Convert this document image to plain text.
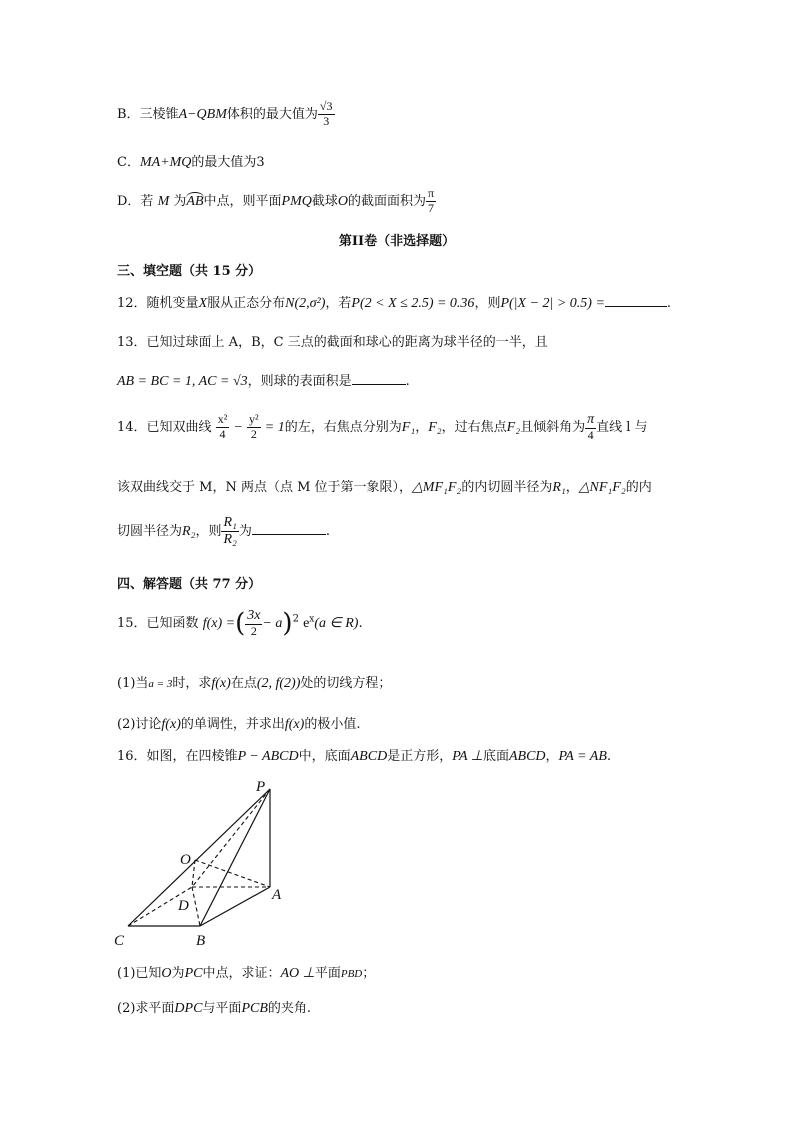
B．三棱锥A−QBM体积的最大值为 $\frac{√3}{3}$
C．MA+MQ的最大值为3
D．若 M 为AB中点，则平面PMQ截球O的截面面积为 $\frac{\pi}{7}$
第II卷（非选择题）
三、填空题（共 15 分）
12．随机变量X服从正态分布N(2,σ²)，若P(2 < X ≤ 2.5) = 0.36，则P(|X − 2| > 0.5) =	.
13．已知过球面上 A，B，C 三点的截面和球心的距离为球半径的一半，且
AB = BC = 1, AC = √3，则球的表面积是	.
14．已知双曲线 $\frac{\text{x²}}{4} - \frac{\text{y²}}{2} = 1$的左，右焦点分别为F₁，F₂，过右焦点F₂且倾斜角为 $\frac{\pi}{4}$ 直线 l 与
该双曲线交于 M，N 两点（点 M 位于第一象限），△MF₁F₂的内切圆半径为R₁，△NF₁F₂的内
切圆半径为R₂，则 $\frac{\text{R₁}}{\text{R₂}}$ 为	.
四、解答题（共 77 分）
15．已知函数 f(x) =( $\frac{3x}{2} - a)^2$ $e^x(a$ ∈ R).
(1)当a = 3时，求f(x)在点(2, f(2))处的切线方程；
(2)讨论f(x)的单调性，并求出f(x)的极小值.
16．如图，在四棱锥P − ABCD中，底面ABCD是正方形，PA ⊥底面ABCD，PA = AB.
P
O
D
A
C	B
(1)已知O为PC中点，求证：AO ⊥平面PBD；
(2)求平面DPC与平面PCB的夹角.
